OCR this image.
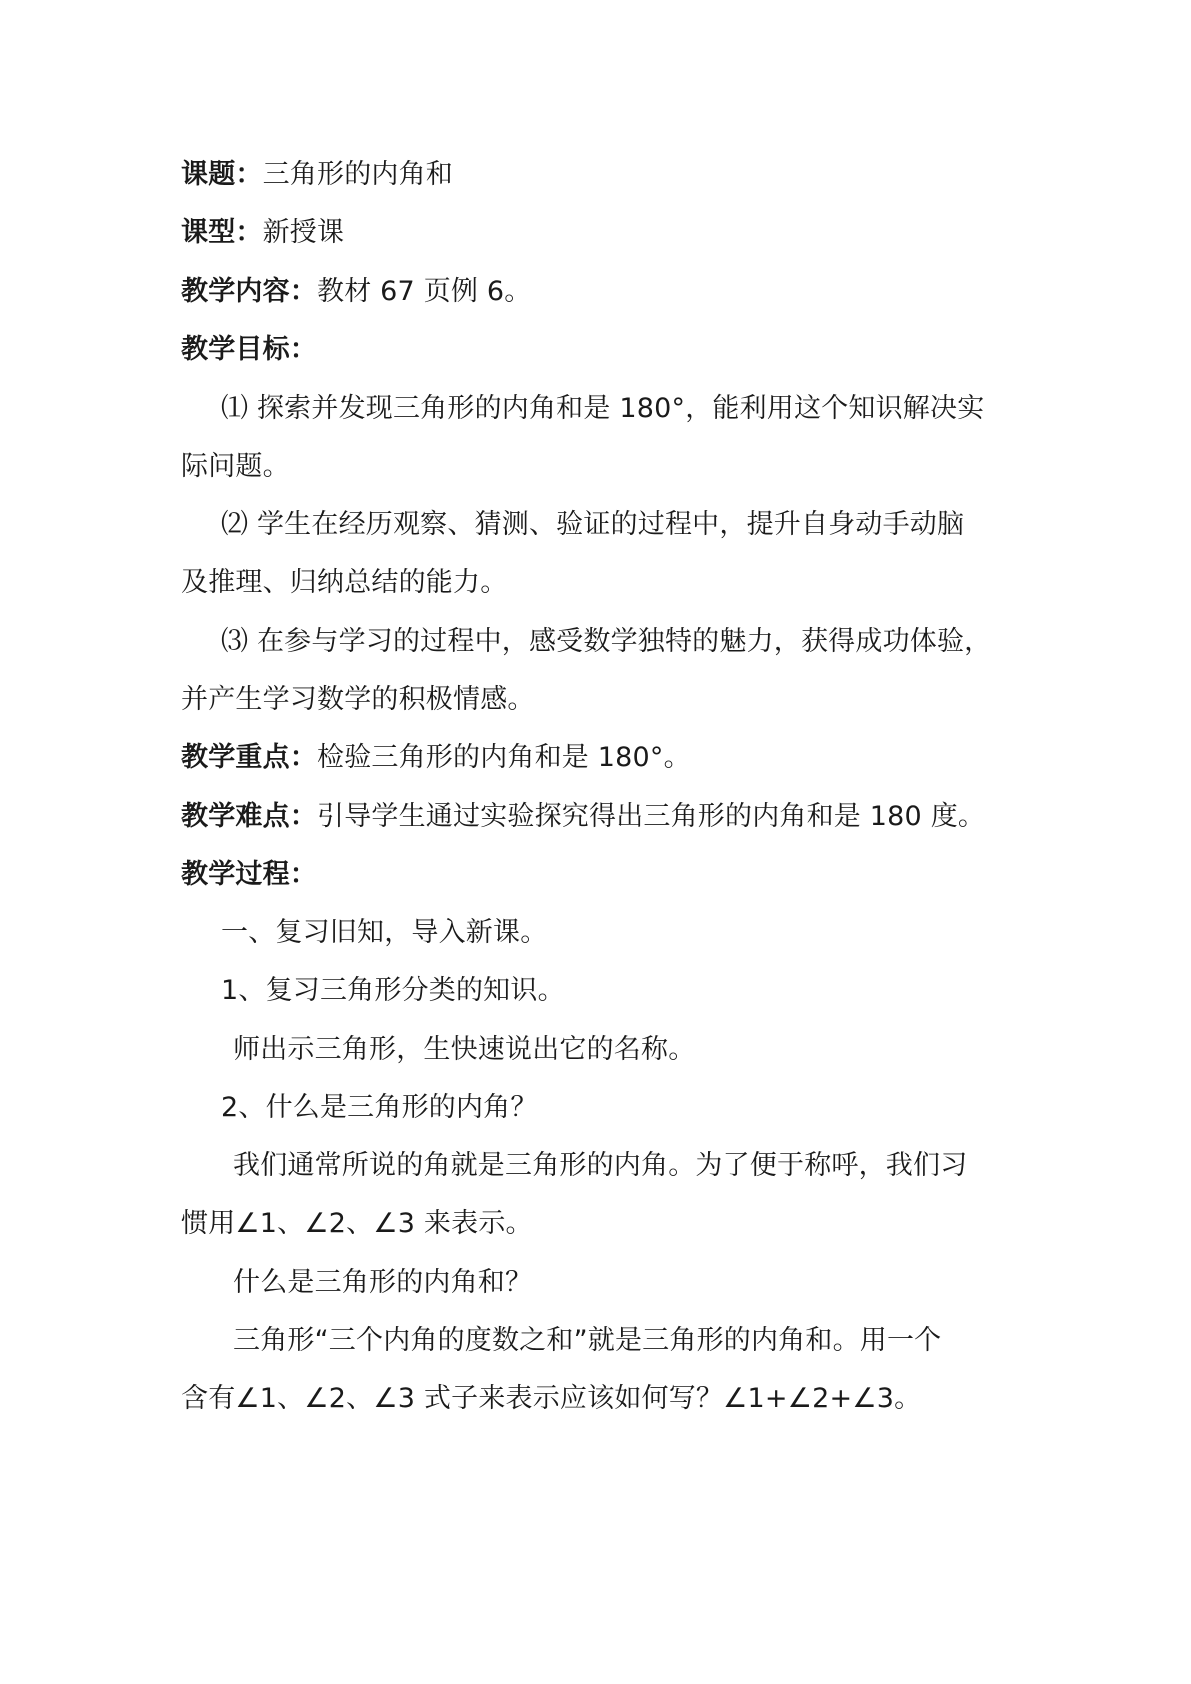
课题：三角形的内角和
课型：新授课
教学内容：教材 67 页例 6。
教学目标：
⑴ 探索并发现三角形的内角和是 180°，能利用这个知识解决实
际问题。
⑵ 学生在经历观察、猜测、验证的过程中，提升自身动手动脑
及推理、归纳总结的能力。
⑶ 在参与学习的过程中，感受数学独特的魅力，获得成功体验，
并产生学习数学的积极情感。
教学重点：检验三角形的内角和是 180°。
教学难点：引导学生通过实验探究得出三角形的内角和是 180 度。
教学过程：
一、复习旧知，导入新课。
1、复习三角形分类的知识。
师出示三角形，生快速说出它的名称。
2、什么是三角形的内角？
我们通常所说的角就是三角形的内角。为了便于称呼，我们习
惯用∠1、∠2、∠3 来表示。
什么是三角形的内角和？
三角形“三个内角的度数之和”就是三角形的内角和。用一个
含有∠1、∠2、∠3 式子来表示应该如何写？∠1+∠2+∠3。
